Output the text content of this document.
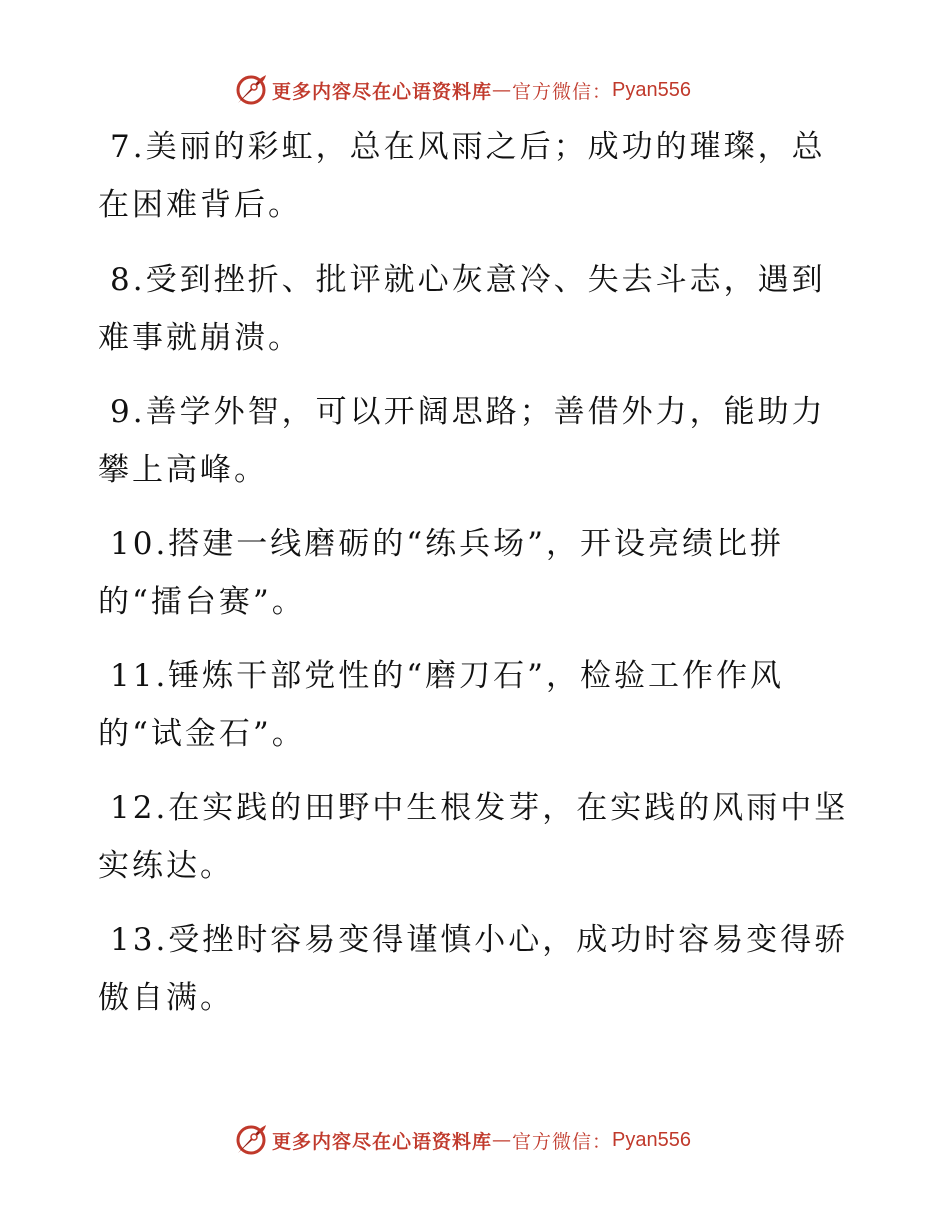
更多内容尽在心语资料库 — 官方微信： Pyan556
7.美丽的彩虹，总在风雨之后；成功的璀璨，总
在困难背后。
8.受到挫折、批评就心灰意冷、失去斗志，遇到
难事就崩溃。
9.善学外智，可以开阔思路；善借外力，能助力
攀上高峰。
10.搭建一线磨砺的“练兵场”，开设亮绩比拼
的“擂台赛”。
11.锤炼干部党性的“磨刀石”，检验工作作风
的“试金石”。
12.在实践的田野中生根发芽，在实践的风雨中坚
实练达。
13.受挫时容易变得谨慎小心，成功时容易变得骄
傲自满。
更多内容尽在心语资料库 — 官方微信： Pyan556
